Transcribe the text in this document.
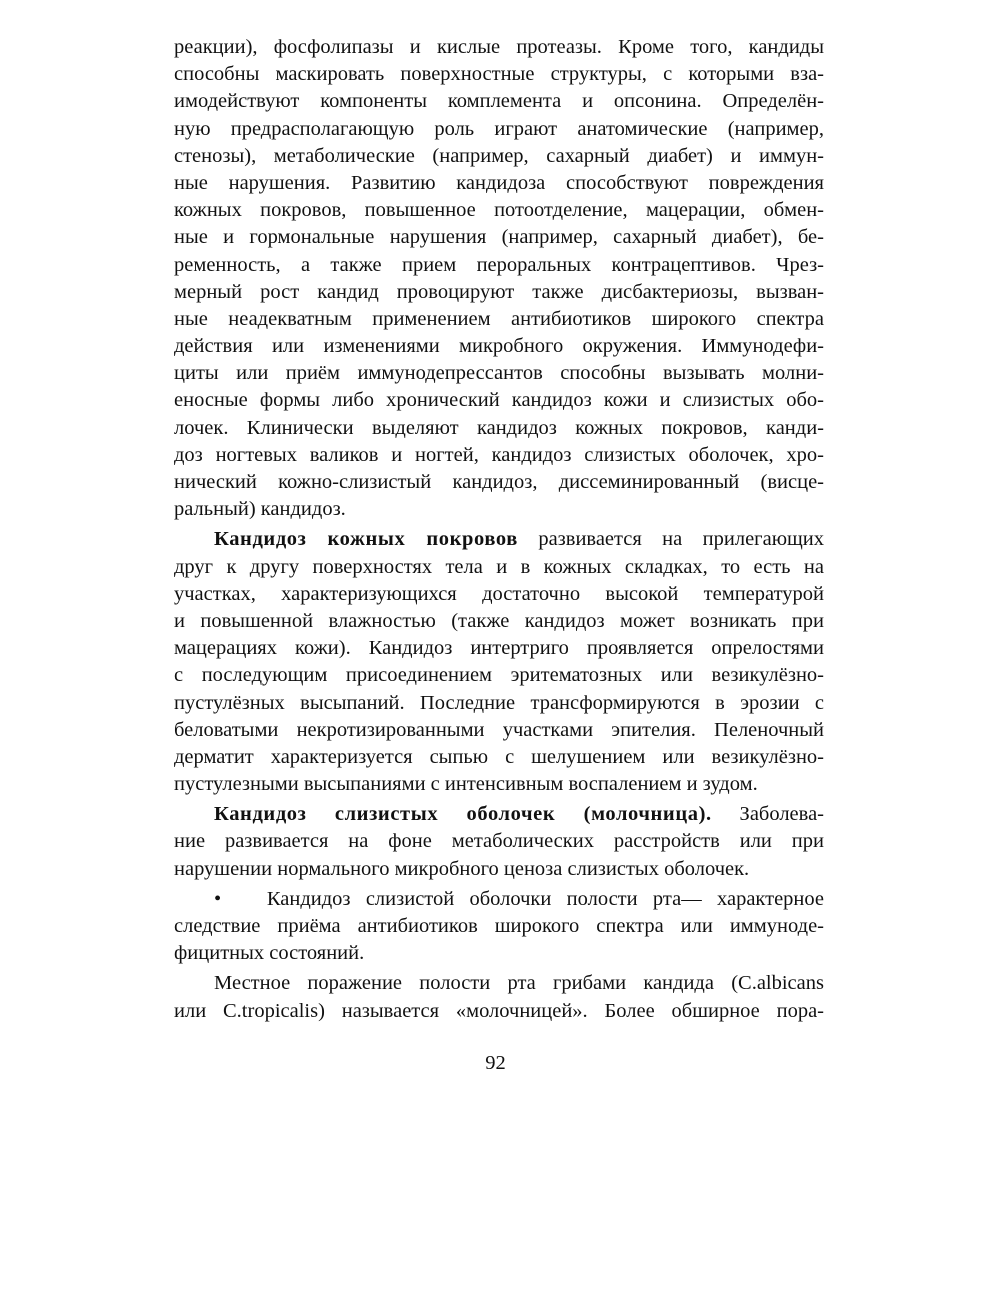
реакции), фосфолипазы и кислые протеазы. Кроме того, кандиды
способны маскировать поверхностные структуры, с которыми вза-
имодействуют компоненты комплемента и опсонина. Определён-
ную предрасполагающую роль играют анатомические (например,
стенозы), метаболические (например, сахарный диабет) и иммун-
ные нарушения. Развитию кандидоза способствуют повреждения
кожных покровов, повышенное потоотделение, мацерации, обмен-
ные и гормональные нарушения (например, сахарный диабет), бе-
ременность, а также прием пероральных контрацептивов. Чрез-
мерный рост кандид провоцируют также дисбактериозы, вызван-
ные неадекватным применением антибиотиков широкого спектра
действия или изменениями микробного окружения. Иммунодефи-
циты или приём иммунодепрессантов способны вызывать молни-
еносные формы либо хронический кандидоз кожи и слизистых обо-
лочек. Клинически выделяют кандидоз кожных покровов, канди-
доз ногтевых валиков и ногтей, кандидоз слизистых оболочек, хро-
нический кожно-слизистый кандидоз, диссеминированный (висце-
ральный) кандидоз.
Кандидоз кожных покровов развивается на прилегающих
друг к другу поверхностях тела и в кожных складках, то есть на
участках, характеризующихся достаточно высокой температурой
и повышенной влажностью (также кандидоз может возникать при
мацерациях кожи). Кандидоз интертриго проявляется опрелостями
с последующим присоединением эритематозных или везикулёзно-
пустулёзных высыпаний. Последние трансформируются в эрозии с
беловатыми некротизированными участками эпителия. Пеленочный
дерматит характеризуется сыпью с шелушением или везикулёзно-
пустулезными высыпаниями с интенсивным воспалением и зудом.
Кандидоз слизистых оболочек (молочница). Заболева-
ние развивается на фоне метаболических расстройств или при
нарушении нормального микробного ценоза слизистых оболочек.
•	Кандидоз слизистой оболочки полости рта— характерное
следствие приёма антибиотиков широкого спектра или иммуноде-
фицитных состояний.
Местное поражение полости рта грибами кандида (C.albicans
или C.tropicalis) называется «молочницей». Более обширное пора-
92
